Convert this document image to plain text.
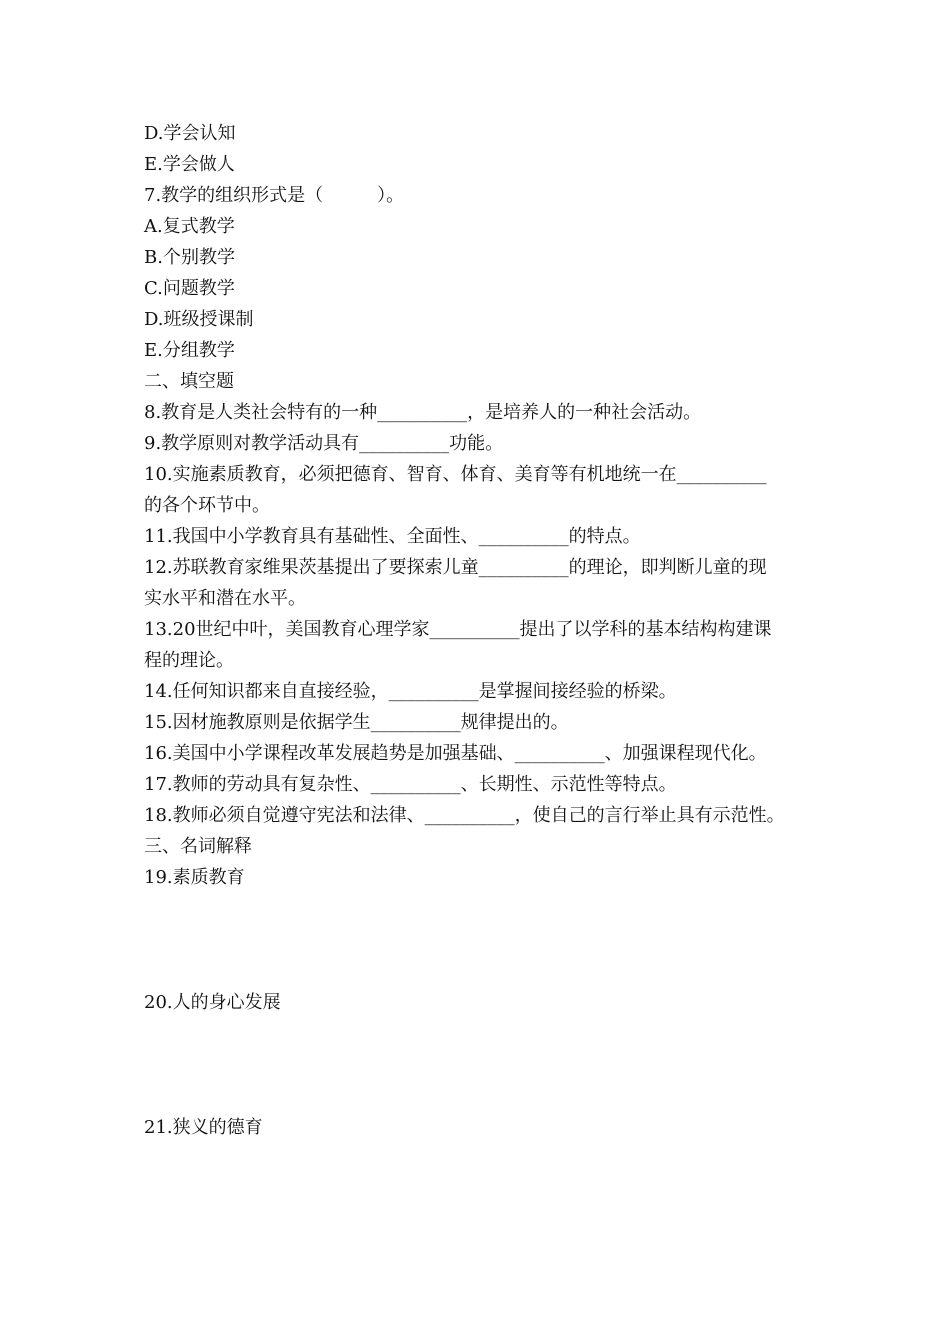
D.学会认知

E.学会做人

7.教学的组织形式是（　　　）。

A.复式教学

B.个别教学

C.问题教学

D.班级授课制

E.分组教学

二、填空题

8.教育是人类社会特有的一种__________，是培养人的一种社会活动。

9.教学原则对教学活动具有__________功能。

10.实施素质教育，必须把德育、智育、体育、美育等有机地统一在__________

的各个环节中。

11.我国中小学教育具有基础性、全面性、__________的特点。

12.苏联教育家维果茨基提出了要探索儿童__________的理论，即判断儿童的现

实水平和潜在水平。

13.20世纪中叶，美国教育心理学家__________提出了以学科的基本结构构建课

程的理论。

14.任何知识都来自直接经验，__________是掌握间接经验的桥梁。

15.因材施教原则是依据学生__________规律提出的。

16.美国中小学课程改革发展趋势是加强基础、__________、加强课程现代化。

17.教师的劳动具有复杂性、__________、长期性、示范性等特点。

18.教师必须自觉遵守宪法和法律、__________，使自己的言行举止具有示范性。

三、名词解释

19.素质教育

20.人的身心发展

21.狭义的德育
